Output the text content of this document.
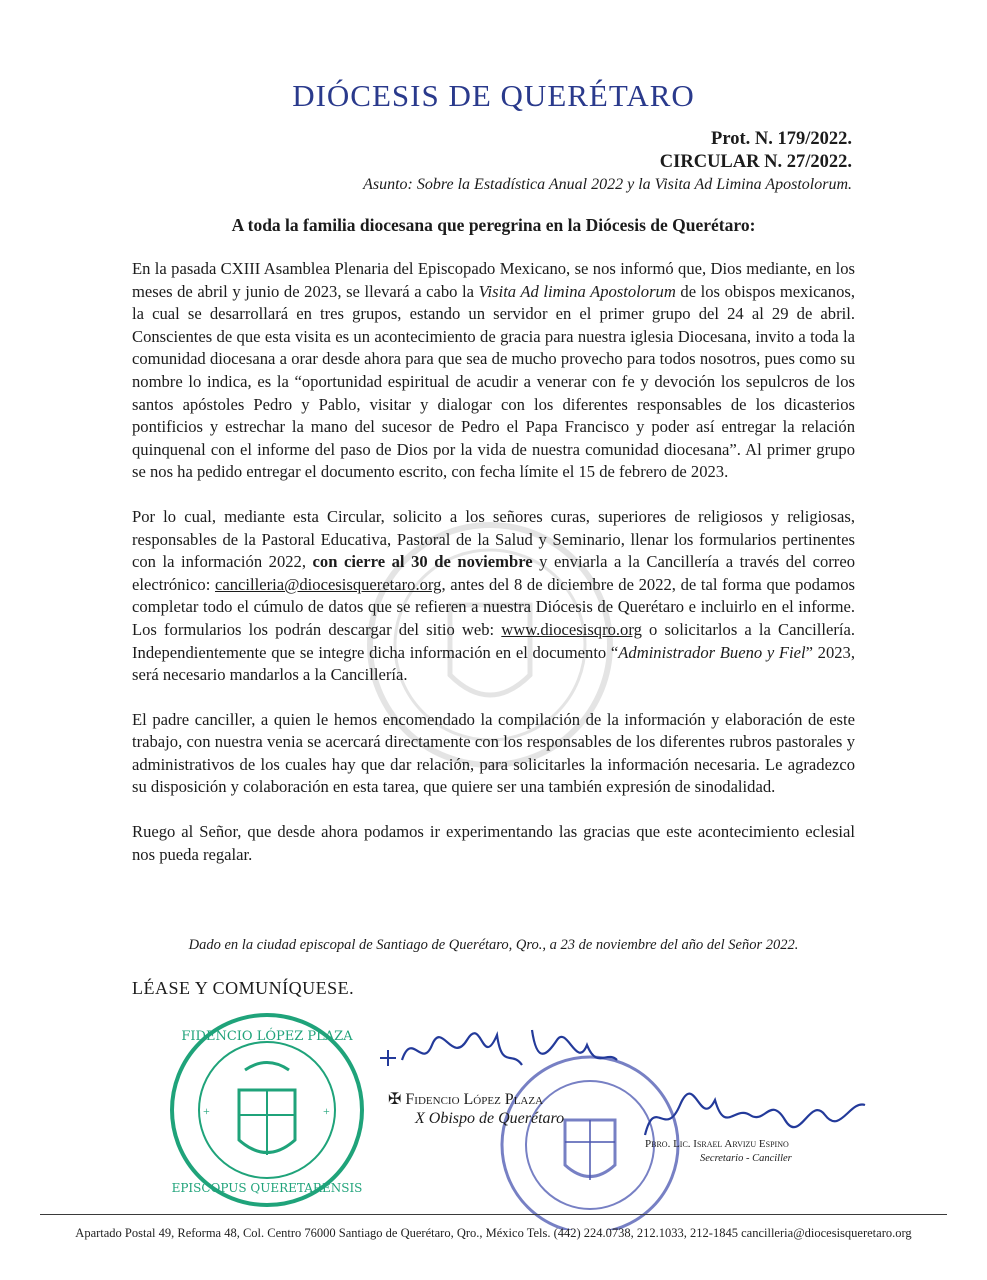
DIÓCESIS DE QUERÉTARO
Prot. N. 179/2022.
CIRCULAR N. 27/2022.
Asunto: Sobre la Estadística Anual 2022 y la Visita Ad Limina Apostolorum.
A toda la familia diocesana que peregrina en la Diócesis de Querétaro:

En la pasada CXIII Asamblea Plenaria del Episcopado Mexicano, se nos informó que, Dios mediante, en los meses de abril y junio de 2023, se llevará a cabo la Visita Ad limina Apostolorum de los obispos mexicanos, la cual se desarrollará en tres grupos, estando un servidor en el primer grupo del 24 al 29 de abril. Conscientes de que esta visita es un acontecimiento de gracia para nuestra iglesia Diocesana, invito a toda la comunidad diocesana a orar desde ahora para que sea de mucho provecho para todos nosotros, pues como su nombre lo indica, es la “oportunidad espiritual de acudir a venerar con fe y devoción los sepulcros de los santos apóstoles Pedro y Pablo, visitar y dialogar con los diferentes responsables de los dicasterios pontificios y estrechar la mano del sucesor de Pedro el Papa Francisco y poder así entregar la relación quinquenal con el informe del paso de Dios por la vida de nuestra comunidad diocesana”. Al primer grupo se nos ha pedido entregar el documento escrito, con fecha límite el 15 de febrero de 2023.

Por lo cual, mediante esta Circular, solicito a los señores curas, superiores de religiosos y religiosas, responsables de la Pastoral Educativa, Pastoral de la Salud y Seminario, llenar los formularios pertinentes con la información 2022, con cierre al 30 de noviembre y enviarla a la Cancillería a través del correo electrónico: cancilleria@diocesisqueretaro.org, antes del 8 de diciembre de 2022, de tal forma que podamos completar todo el cúmulo de datos que se refieren a nuestra Diócesis de Querétaro e incluirlo en el informe. Los formularios los podrán descargar del sitio web: www.diocesisqro.org o solicitarlos a la Cancillería. Independientemente que se integre dicha información en el documento “Administrador Bueno y Fiel” 2023, será necesario mandarlos a la Cancillería.

El padre canciller, a quien le hemos encomendado la compilación de la información y elaboración de este trabajo, con nuestra venia se acercará directamente con los responsables de los diferentes rubros pastorales y administrativos de los cuales hay que dar relación, para solicitarles la información necesaria. Le agradezco su disposición y colaboración en esta tarea, que quiere ser una también expresión de sinodalidad.

Ruego al Señor, que desde ahora podamos ir experimentando las gracias que este acontecimiento eclesial nos pueda regalar.

Dado en la ciudad episcopal de Santiago de Querétaro, Qro., a 23 de noviembre del año del Señor 2022.
LÉASE Y COMUNÍQUESE.
FIDENCIO LÓPEZ PLAZA
EPISCOPUS QUERETARENSIS
+	+
✠ Fidencio López Plaza
X Obispo de Querétaro
Pbro. Lic. Israel Arvizu Espino
Secretario - Canciller
Apartado Postal 49, Reforma 48, Col. Centro 76000 Santiago de Querétaro, Qro., México Tels. (442) 224.0738, 212.1033, 212-1845 cancilleria@diocesisqueretaro.org
